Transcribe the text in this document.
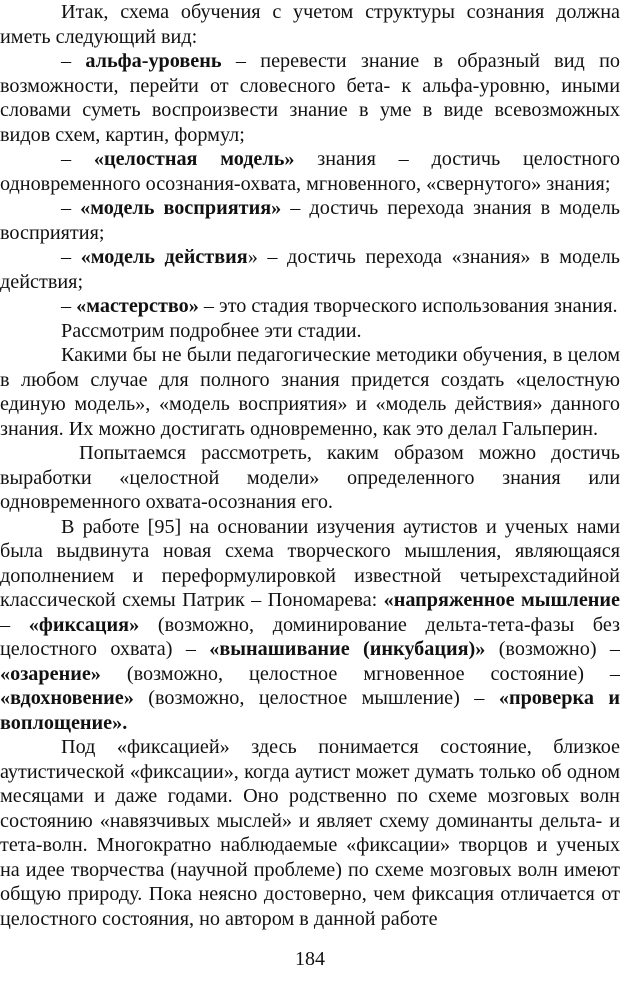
Итак, схема обучения с учетом структуры сознания должна иметь следующий вид:

– альфа-уровень – перевести знание в образный вид по возможности, перейти от словесного бета- к альфа-уровню, иными словами суметь воспроизвести знание в уме в виде всевозможных видов схем, картин, формул;

– «целостная модель» знания – достичь целостного одновременного осознания-охвата, мгновенного, «свернутого» знания;

– «модель восприятия» – достичь перехода знания в модель восприятия;

– «модель действия» – достичь перехода «знания» в модель действия;

– «мастерство» – это стадия творческого использования знания.

Рассмотрим подробнее эти стадии.

Какими бы не были педагогические методики обучения, в целом в любом случае для полного знания придется создать «целостную единую модель», «модель восприятия» и «модель действия» данного знания. Их можно достигать одновременно, как это делал Гальперин.

Попытаемся рассмотреть, каким образом можно достичь выработки «целостной модели» определенного знания или одновременного охвата-осознания его.

В работе [95] на основании изучения аутистов и ученых нами была выдвинута новая схема творческого мышления, являющаяся дополнением и переформулировкой известной четырехстадийной классической схемы Патрик – Пономарева: «напряженное мышление – «фиксация» (возможно, доминирование дельта-тета-фазы без целостного охвата) – «вынашивание (инкубация)» (возможно) – «озарение» (возможно, целостное мгновенное состояние) – «вдохновение» (возможно, целостное мышление) – «проверка и воплощение».

Под «фиксацией» здесь понимается состояние, близкое аутистической «фиксации», когда аутист может думать только об одном месяцами и даже годами. Оно родственно по схеме мозговых волн состоянию «навязчивых мыслей» и являет схему доминанты дельта- и тета-волн. Многократно наблюдаемые «фиксации» творцов и ученых на идее творчества (научной проблеме) по схеме мозговых волн имеют общую природу. Пока неясно достоверно, чем фиксация отличается от целостного состояния, но автором в данной работе

184
